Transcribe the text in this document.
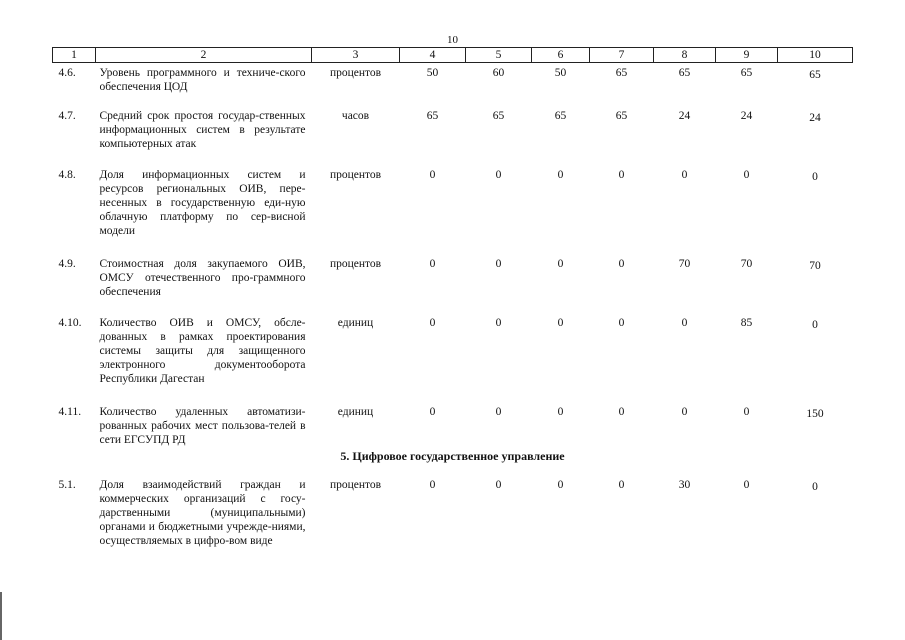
10
1	2	3	4	5	6	7	8	9	10
4.6.	Уровень программного и техниче-ского обеспечения ЦОД	процентов	50	60	50	65	65	65	65
4.7.	Средний срок простоя государ-ственных информационных систем в результате компьютерных атак	часов	65	65	65	65	24	24	24
4.8.	Доля информационных систем и ресурсов региональных ОИВ, пере-несенных в государственную еди-ную облачную платформу по сер-висной модели	процентов	0	0	0	0	0	0	0
4.9.	Стоимостная доля закупаемого ОИВ, ОМСУ отечественного про-граммного обеспечения	процентов	0	0	0	0	70	70	70
4.10.	Количество ОИВ и ОМСУ, обсле-дованных в рамках проектирования системы защиты для защищенного электронного документооборота Республики Дагестан	единиц	0	0	0	0	0	85	0
4.11.	Количество удаленных автоматизи-рованных рабочих мест пользова-телей в сети ЕГСУПД РД	единиц	0	0	0	0	0	0	150
5. Цифровое государственное управление									
5.1.	Доля взаимодействий граждан и коммерческих организаций с госу-дарственными (муниципальными) органами и бюджетными учрежде-ниями, осуществляемых в цифро-вом виде	процентов	0	0	0	0	30	0	0
